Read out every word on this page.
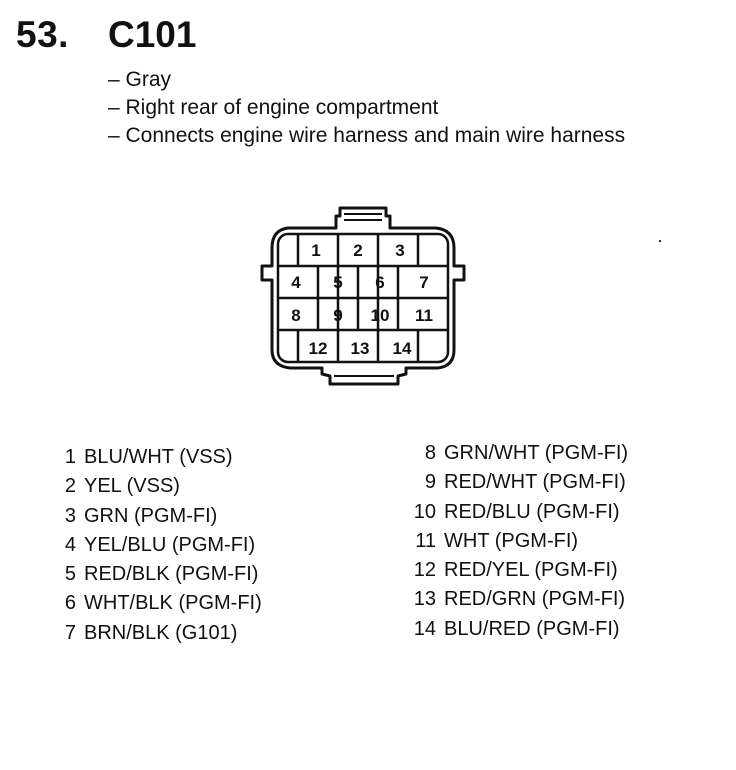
53. C101
– Gray
– Right rear of engine compartment
– Connects engine wire harness and main wire harness
1 2 3
4 5 6 7
8 9 10 11
12 13 14
1 BLU/WHT (VSS)
2 YEL (VSS)
3 GRN (PGM-FI)
4 YEL/BLU (PGM-FI)
5 RED/BLK (PGM-FI)
6 WHT/BLK (PGM-FI)
7 BRN/BLK (G101)
8 GRN/WHT (PGM-FI)
9 RED/WHT (PGM-FI)
10 RED/BLU (PGM-FI)
11 WHT (PGM-FI)
12 RED/YEL (PGM-FI)
13 RED/GRN (PGM-FI)
14 BLU/RED (PGM-FI)
